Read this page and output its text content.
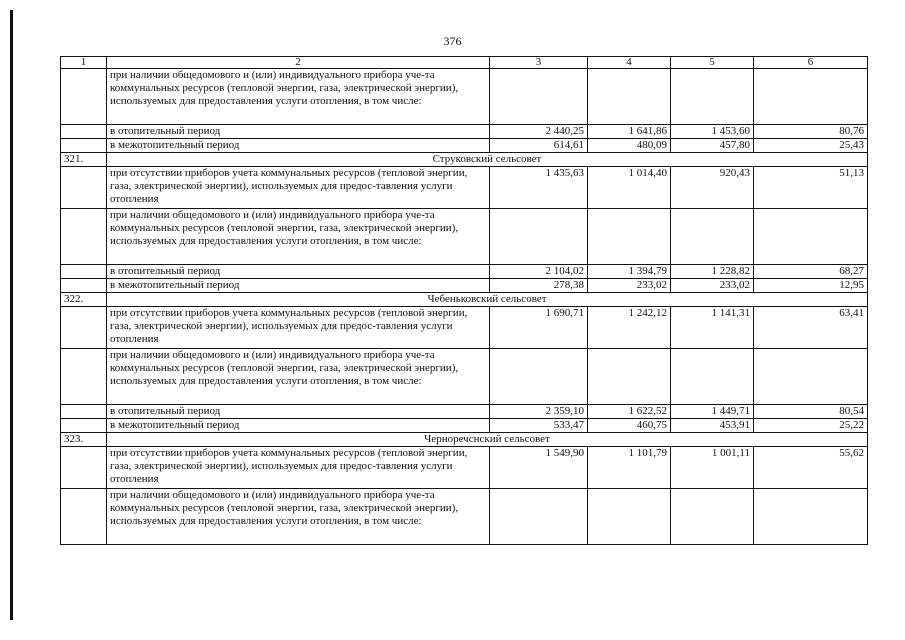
376
1	2	3	4	5	6
	при наличии общедомового и (или) индивидуального прибора уче-та коммунальных ресурсов (тепловой энергии, газа, электрической энергии), используемых для предоставления услуги отопления, в том числе:				
	в отопительный период	2 440,25	1 641,86	1 453,60	80,76
	в межотопительный период	614,61	480,09	457,80	25,43
321.	Струковский сельсовет				
	при отсутствии приборов учета коммунальных ресурсов (тепловой энергии, газа, электрической энергии), используемых для предос-тавления услуги отопления	1 435,63	1 014,40	920,43	51,13
	при наличии общедомового и (или) индивидуального прибора уче-та коммунальных ресурсов (тепловой энергии, газа, электрической энергии), используемых для предоставления услуги отопления, в том числе:				
	в отопительный период	2 104,02	1 394,79	1 228,82	68,27
	в межотопительный период	278,38	233,02	233,02	12,95
322.	Чебеньковский сельсовет				
	при отсутствии приборов учета коммунальных ресурсов (тепловой энергии, газа, электрической энергии), используемых для предос-тавления услуги отопления	1 690,71	1 242,12	1 141,31	63,41
	при наличии общедомового и (или) индивидуального прибора уче-та коммунальных ресурсов (тепловой энергии, газа, электрической энергии), используемых для предоставления услуги отопления, в том числе:				
	в отопительный период	2 359,10	1 622,52	1 449,71	80,54
	в межотопительный период	533,47	460,75	453,91	25,22
323.	Черноречснский сельсовет				
	при отсутствии приборов учета коммунальных ресурсов (тепловой энергии, газа, электрической энергии), используемых для предос-тавления услуги отопления	1 549,90	1 101,79	1 001,11	55,62
	при наличии общедомового и (или) индивидуального прибора уче-та коммунальных ресурсов (тепловой энергии, газа, электрической энергии), используемых для предоставления услуги отопления, в том числе:				
